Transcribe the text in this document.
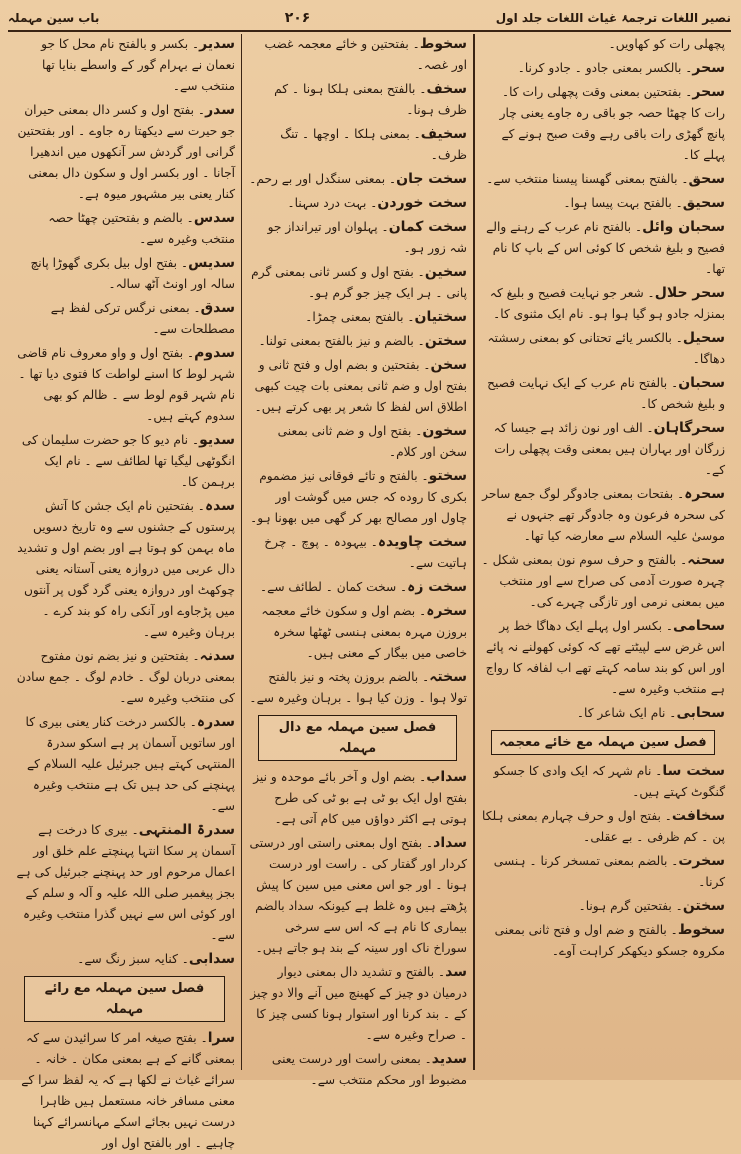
نصیر اللغات ترجمۂ غیاث اللغات جلد اول
۲۰۶
باب سین مہملہ
پچھلی رات کو کھاویں۔
سحر۔ بالکسر بمعنی جادو ۔ جادو کرنا۔
سحر۔ بفتحتین بمعنی وقت پچھلی رات کا۔ رات کا چھٹا حصہ جو باقی رہ جاوے یعنی چار پانچ گھڑی رات باقی رہے وقت صبح ہونے کے پہلے کا۔
سحق۔ بالفتح بمعنی گھسنا پیسنا منتخب سے۔
سحیق۔ بالفتح بہت پیسا ہوا۔
سحبان وائل۔ بالفتح نام عرب کے رہنے والے فصیح و بلیغ شخص کا کوئی اس کے باپ کا نام تھا۔
سحر حلال۔ شعر جو نہایت فصیح و بلیغ کہ بمنزلہ جادو ہو گیا ہوا ہو۔ نام ایک مثنوی کا۔
سحیل۔ بالکسر یائے تحتانی کو بمعنی رسشتہ دھاگا۔
سحبان۔ بالفتح نام عرب کے ایک نہایت فصیح و بلیغ شخص کا۔
سحرگاہان۔ الف اور نون زائد ہے جیسا کہ زرگان اور بہاران ہیں بمعنی وقت پچھلی رات کے۔
سحرہ۔ بفتحات بمعنی جادوگر لوگ جمع ساحر کی سحرہ فرعون وہ جادوگر تھے جنہوں نے موسیٰ علیہ السلام سے معارضہ کیا تھا۔
سحنہ۔ بالفتح و حرف سوم نون بمعنی شکل ۔ چہرہ صورت آدمی کی صراح سے اور منتخب میں بمعنی نرمی اور تازگی چہرے کی۔
سحامی۔ بکسر اول پہلے ایک دھاگا خط پر اس غرض سے لپیٹتے تھے کہ کوئی کھولنے نہ پائے اور اس کو بند سامہ کہتے تھے اب لفافہ کا رواج ہے منتخب وغیرہ سے۔
سحابی۔ نام ایک شاعر کا۔
فصل سین مہملہ مع خائے معجمہ
سخت سا۔ نام شہر کہ ایک وادی کا جسکو گنگوٹ کہتے ہیں۔
سخافت۔ بفتح اول و حرف چہارم بمعنی ہلکا پن ۔ کم ظرفی ۔ بے عقلی۔
سخرت۔ بالضم بمعنی تمسخر کرنا ۔ ہنسی کرنا۔
سختن۔ بفتحتین گرم ہونا۔
سخوط۔ بالفتح و ضم اول و فتح ثانی بمعنی مکروہ جسکو دیکھکر کراہت آوے۔
سخوط۔ بفتحتین و خائے معجمہ غضب اور غصہ۔
سخف۔ بالفتح بمعنی ہلکا ہونا ۔ کم ظرف ہونا۔
سخیف۔ بمعنی ہلکا ۔ اوچھا ۔ تنگ ظرف۔
سخت جان۔ بمعنی سنگدل اور بے رحم۔
سخت خوردن۔ بہت درد سہنا۔
سخت کمان۔ پہلوان اور تیرانداز جو شہ زور ہو۔
سخین۔ بفتح اول و کسر ثانی بمعنی گرم پانی ۔ ہر ایک چیز جو گرم ہو۔
سختیان۔ بالفتح بمعنی چمڑا۔
سختن۔ بالضم و نیز بالفتح بمعنی تولنا۔
سخن۔ بفتحتین و بضم اول و فتح ثانی و بفتح اول و ضم ثانی بمعنی بات چیت کبھی اطلاق اس لفظ کا شعر پر بھی کرتے ہیں۔
سخون۔ بفتح اول و ضم ثانی بمعنی سخن اور کلام۔
سختو۔ بالفتح و تائے فوقانی نیز مضموم بکری کا روده کہ جس میں گوشت اور چاول اور مصالح بھر کر گھی میں بھونا ہو۔
سخت چاویدہ۔ بیہودہ ۔ پوچ ۔ چرخ ہاتیت سے۔
سخت زہ۔ سخت کمان ۔ لطائف سے۔
سخرہ۔ بضم اول و سکون خائے معجمہ بروزن مہرہ بمعنی ہنسی ٹھٹھا سخرہ خاصی میں بیگار کے معنی ہیں۔
سختہ۔ بالضم بروزن پختہ و نیز بالفتح تولا ہوا ۔ وزن کیا ہوا ۔ برہان وغیرہ سے۔
فصل سین مہملہ مع دال مہملہ
سداب۔ بضم اول و آخر بائے موحدہ و نیز بفتح اول ایک بو ٹی ہے بو ٹی کی طرح ہوتی ہے اکثر دواؤں میں کام آتی ہے۔
سداد۔ بفتح اول بمعنی راستی اور درستی کردار اور گفتار کی ۔ راست اور درست ہونا ۔ اور جو اس معنی میں سین کا پیش پڑھتے ہیں وہ غلط ہے کیونکہ سداد بالضم بیماری کا نام ہے کہ اس سے سرخی سوراخ ناک اور سینہ کے بند ہو جاتے ہیں۔
سد۔ بالفتح و تشدید دال بمعنی دیوار درمیان دو چیز کے کھینچ میں آنے والا دو چیز کے ۔ بند کرنا اور استوار ہونا کسی چیز کا ۔ صراح وغیرہ سے۔
سدید۔ بمعنی راست اور درست یعنی مضبوط اور محکم منتخب سے۔
سدیر۔ بکسر و بالفتح نام محل کا جو نعمان نے بہرام گور کے واسطے بنایا تھا منتخب سے۔
سدر۔ بفتح اول و کسر دال بمعنی حیران جو حیرت سے دیکھتا رہ جاوے ۔ اور بفتحتین گرانی اور گردش سر آنکھوں میں اندھیرا آجانا ۔ اور بکسر اول و سکون دال بمعنی کنار یعنی بیر مشہور میوہ ہے۔
سدس۔ بالضم و بفتحتین چھٹا حصہ منتخب وغیرہ سے۔
سدیس۔ بفتح اول بیل بکری گھوڑا پانچ سالہ اور اونٹ آٹھ سالہ۔
سدق۔ بمعنی نرگس ترکی لفظ ہے مصطلحات سے۔
سدوم۔ بفتح اول و واو معروف نام قاضی شہر لوط کا اسنے لواطت کا فتوی دیا تھا ۔ نام شہر قوم لوط سے ۔ ظالم کو بھی سدوم کہتے ہیں۔
سدیو۔ نام دیو کا جو حضرت سلیمان کی انگوٹھی لیگیا تھا لطائف سے ۔ نام ایک برہمن کا۔
سدہ۔ بفتحتین نام ایک جشن کا آتش پرستوں کے جشنوں سے وہ تاریخ دسویں ماہ بہمن کو ہوتا ہے اور بضم اول و تشدید دال عربی میں دروازہ یعنی آستانہ یعنی چوکھٹ اور دروازہ یعنی گرد گوں پر آنتوں میں پڑجاوے اور آنکی راہ کو بند کرے ۔ برہان وغیرہ سے۔
سدنہ۔ بفتحتین و نیز بضم نون مفتوح بمعنی دربان لوگ ۔ خادم لوگ ۔ جمع سادن کی منتخب وغیرہ سے۔
سدرہ۔ بالکسر درخت کنار یعنی بیری کا اور ساتویں آسمان پر ہے اسکو سدرۃ المنتہی کہتے ہیں جبرئیل علیہ السلام کے پہنچنے کی حد ہیں تک ہے منتخب وغیرہ سے۔
سدرۃ المنتہی۔ بیری کا درخت ہے آسمان پر سکا انتہا پہنچتے علم خلق اور اعمال مرحوم اور حد پہنچنے جبرئیل کی ہے بجز پیغمبر صلی اللہ علیہ و آلہ و سلم کے اور کوئی اس سے نہیں گذرا منتخب وغیرہ سے۔
سدابی۔ کنایہ سبز رنگ سے۔
فصل سین مہملہ مع رائے مہملہ
سرا۔ بفتح صیغہ امر کا سرائیدن سے کہ بمعنی گانے کے ہے بمعنی مکان ۔ خانہ ۔ سرائے غیاث نے لکھا ہے کہ یہ لفظ سرا کے معنی مسافر خانہ مستعمل ہیں ظاہرا درست نہیں بجائے اسکے مہانسرائے کہنا چاہیے ۔ اور بالفتح اول اور
